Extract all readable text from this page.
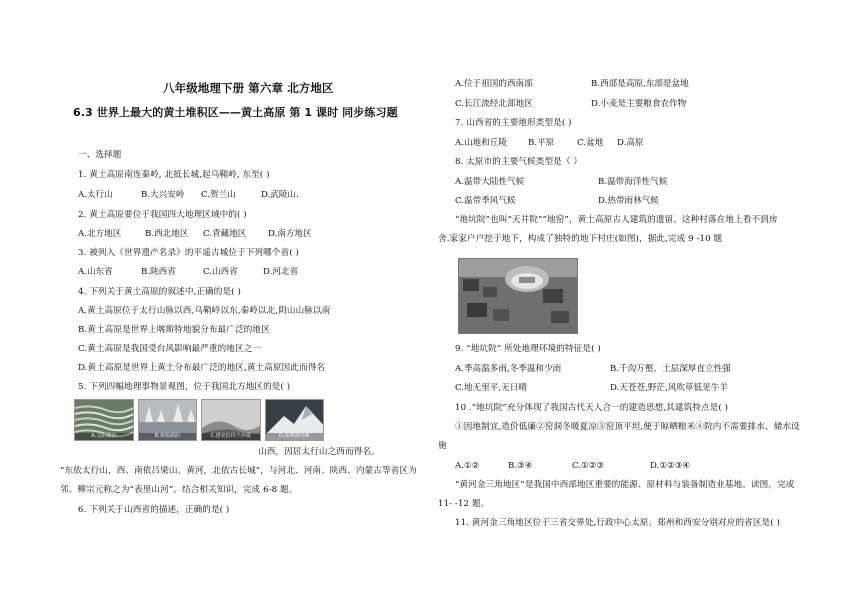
八年级地理下册 第六章 北方地区
6.3 世界上最大的黄土堆积区——黄土高原 第 1 课时 同步练习题
一、选择题
1. 黄土高原南连秦岭, 北抵长城,起乌鞘岭, 东至( )
A.太行山	B.大兴安岭 C.贺兰山	D.武陵山.
2. 黄土高原要位于我国四大地理区域中的( )
A.北方地区	B.西北地区 C.青藏地区	D.南方地区
3. 被列入《世界遗产名录》的平遥古城位于下列哪个省( )
A.山东省	B.陕西省	C.山西省	D.河北省
4. 下列关于黄土高原的叙述中,正确的是( )
A.黄土高原位于太行山脉以西,乌鞘岭以东,秦岭以北,阴山山脉以南
B.黄土高原是世界上喀斯特地貌分布最广泛的地区
C.黄土高原是我国受台风影响最严重的地区之一
D.黄土高原是世界上黄土分布最广泛的地区,黄土高原因此而得名
5. 下列四幅地理事物景观图，位于我国北方地区的是( )
A.元阳梯田	B.雾凇湖泊	C.塔克拉玛干沙漠	D.珠穆朗玛峰
山西，因居太行山之西而得名。
“东依太行山，西、南依吕梁山、黄河，北依古长城”，与河北、河南、陕西、内蒙古等省区为
邻。柳宗元称之为“表里山河”。结合相关知识，完成 6-8 题。
6. 下列关于山西省的描述，正确的是( )
A.位于祖国的西南部	B.西部是高原,东部是盆地
C.长江流经北部地区	D.小麦是主要粮食农作物
7. 山西省的主要地形类型是( )
A.山地和丘陵 B.平原	C.盆地 D.高原
8. 太原市的主要气候类型是（ ）
A.温带大陆性气候	B.温带海洋性气候
C.温带季风气候	D.热带雨林气候
“地坑院”也叫“天井院”“地窑”，黄土高原古人建筑的遗留。这种村落在地上看不到房
舍.家家户户挖于地下，构成了独特的地下村庄(如图)，据此,完成 9 -10 题
9. “地坑院” 所处地理环境的特征是( )
A.季高温多雨,冬季温和少雨	B.千沟万壑、土层深厚直立性强
C.地无里平,无日晴	D.天苍苍,野茫,风吹草低见牛羊
10 .“地坑院”充分体现了我国古代天人合一的建造思想,其建筑特点是( )
①因地制宜,造价低廉②窑洞冬暖夏凉③窑顶平坦,便于晾晒粮米④院内不需要排水、储水设
施
A.①②	B.③④	C.①②③	D.①②③④
“黄河金三角地区”是我国中西部地区重要的能源、原材料与装备制造业基地。读图，完成
11- -12 题。
11. 黄河金三角地区位于三省交界处,行政中心太原、郑州和西安分别对应的省区是( )
